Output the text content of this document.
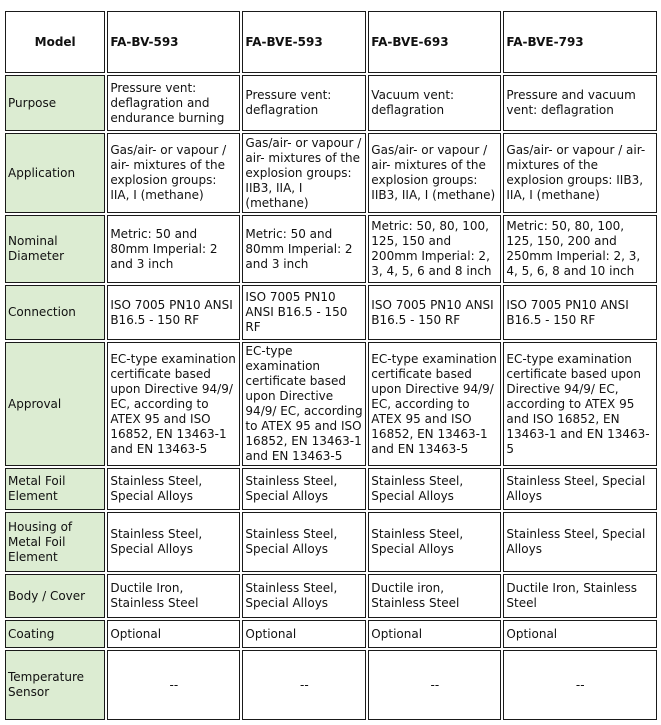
Model	FA-BV-593	FA-BVE-593	FA-BVE-693	FA-BVE-793
Purpose	Pressure vent: deflagration and endurance burning	Pressure vent: deflagration	Vacuum vent: deflagration	Pressure and vacuum vent: deflagration
Application	Gas/air- or vapour / air- mixtures of the explosion groups: IIA, I (methane)	Gas/air- or vapour / air- mixtures of the explosion groups: IIB3, IIA, I (methane)	Gas/air- or vapour / air- mixtures of the explosion groups: IIB3, IIA, I (methane)	Gas/air- or vapour / air- mixtures of the explosion groups: IIB3, IIA, I (methane)
Nominal Diameter	Metric: 50 and 80mm Imperial: 2 and 3 inch	Metric: 50 and 80mm Imperial: 2 and 3 inch	Metric: 50, 80, 100, 125, 150 and 200mm Imperial: 2, 3, 4, 5, 6 and 8 inch	Metric: 50, 80, 100, 125, 150, 200 and 250mm Imperial: 2, 3, 4, 5, 6, 8 and 10 inch
Connection	ISO 7005 PN10 ANSI B16.5 - 150 RF	ISO 7005 PN10 ANSI B16.5 - 150 RF	ISO 7005 PN10 ANSI B16.5 - 150 RF	ISO 7005 PN10 ANSI B16.5 - 150 RF
Approval	EC-type examination certificate based upon Directive 94/9/ EC, according to ATEX 95 and ISO 16852, EN 13463-1 and EN 13463-5	EC-type examination certificate based upon Directive 94/9/ EC, according to ATEX 95 and ISO 16852, EN 13463-1 and EN 13463-5	EC-type examination certificate based upon Directive 94/9/ EC, according to ATEX 95 and ISO 16852, EN 13463-1 and EN 13463-5	EC-type examination certificate based upon Directive 94/9/ EC, according to ATEX 95 and ISO 16852, EN 13463-1 and EN 13463-5
Metal Foil Element	Stainless Steel, Special Alloys	Stainless Steel, Special Alloys	Stainless Steel, Special Alloys	Stainless Steel, Special Alloys
Housing of Metal Foil Element	Stainless Steel, Special Alloys	Stainless Steel, Special Alloys	Stainless Steel, Special Alloys	Stainless Steel, Special Alloys
Body / Cover	Ductile Iron, Stainless Steel	Stainless Steel, Special Alloys	Ductile iron, Stainless Steel	Ductile Iron, Stainless Steel
Coating	Optional	Optional	Optional	Optional
Temperature Sensor	--	--	--	--
